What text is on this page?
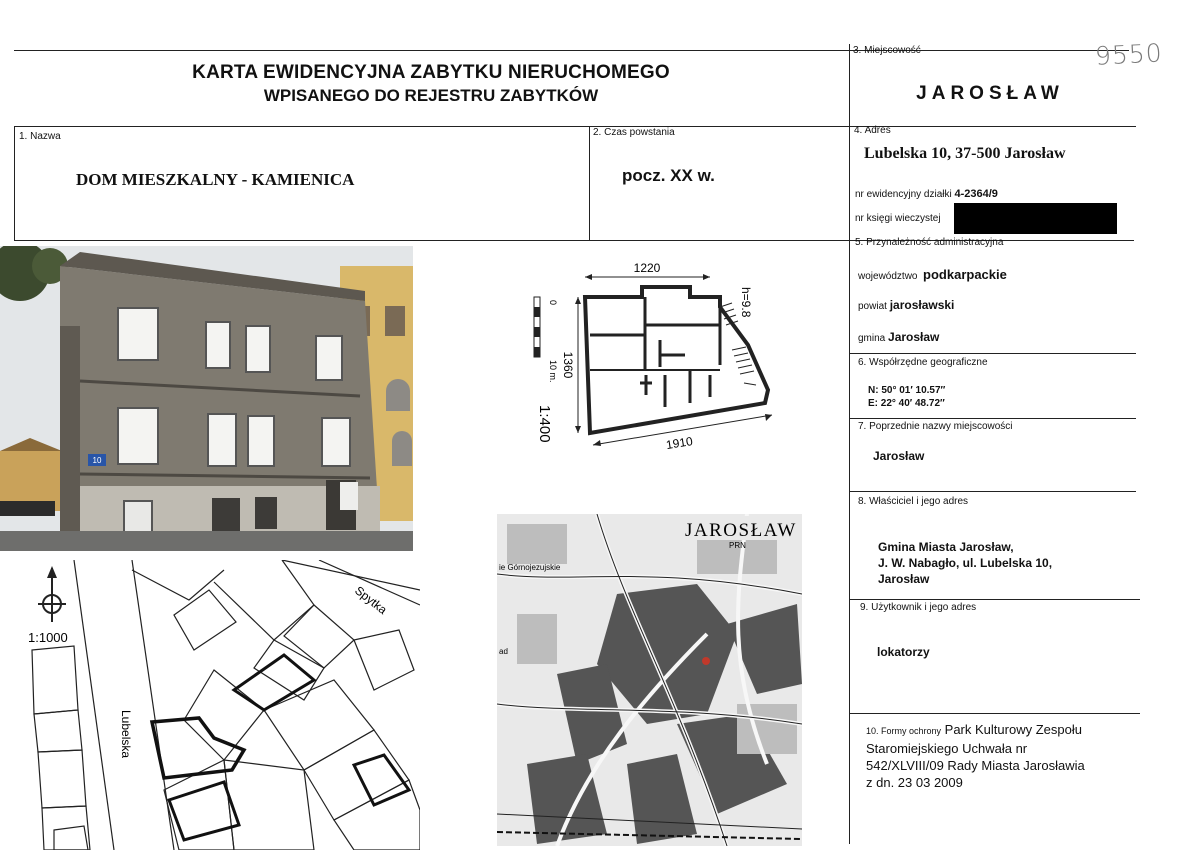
KARTA EWIDENCYJNA ZABYTKU NIERUCHOMEGO
WPISANEGO DO REJESTRU ZABYTKÓW
9550
3. Miejscowość
JAROSŁAW
1. Nazwa
DOM MIESZKALNY - KAMIENICA
2. Czas powstania
pocz. XX w.
4. Adres
Lubelska 10, 37-500 Jarosław
nr ewidencyjny działki 4-2364/9
nr księgi wieczystej
5. Przynależność administracyjna
województwo podkarpackie
powiat jarosławski
gmina Jarosław
6. Współrzędne geograficzne
N: 50° 01′ 10.57″
E: 22° 40′ 48.72″
7. Poprzednie nazwy miejscowości
Jarosław
8. Właściciel i jego adres
Gmina Miasta Jarosław,
J. W. Nabagło, ul. Lubelska 10,
Jarosław
9. Użytkownik i jego adres
lokatorzy
10. Formy ochrony Park Kulturowy Zespołu
Staromiejskiego Uchwała nr
542/XLVIII/09 Rady Miasta Jarosławia
z dn. 23 03 2009
10
1220
1360
0
10 m.
1:400
h=9.8
1910
1:1000
Lubelska
Spytka
JAROSŁAW
PRN
ie Górnojezujskie
ad
